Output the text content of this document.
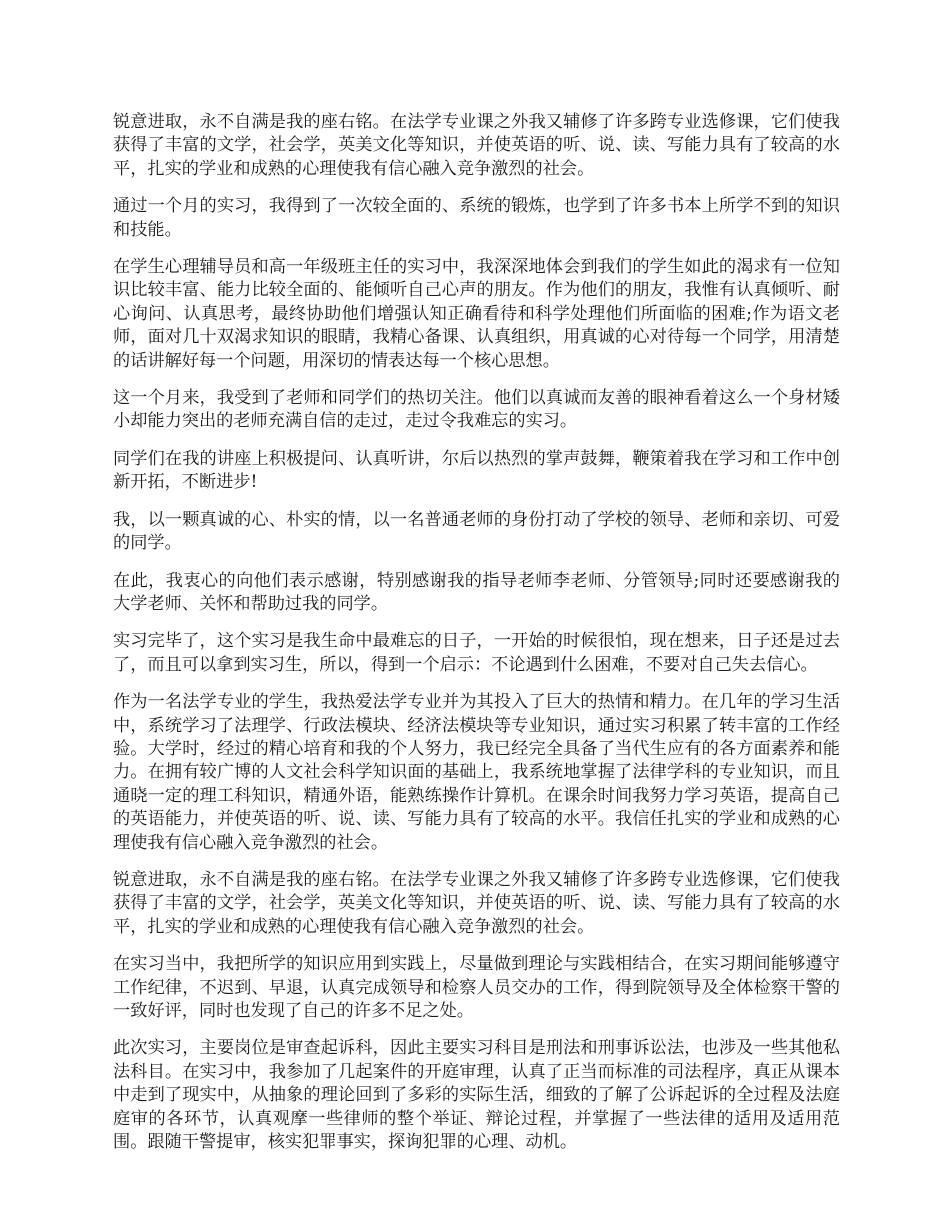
锐意进取，永不自满是我的座右铭。在法学专业课之外我又辅修了许多跨专业选修课，它们使我获得了丰富的文学，社会学，英美文化等知识，并使英语的听、说、读、写能力具有了较高的水平，扎实的学业和成熟的心理使我有信心融入竞争激烈的社会。

通过一个月的实习，我得到了一次较全面的、系统的锻炼，也学到了许多书本上所学不到的知识和技能。

在学生心理辅导员和高一年级班主任的实习中，我深深地体会到我们的学生如此的渴求有一位知识比较丰富、能力比较全面的、能倾听自己心声的朋友。作为他们的朋友，我惟有认真倾听、耐心询问、认真思考，最终协助他们增强认知正确看待和科学处理他们所面临的困难;作为语文老师，面对几十双渴求知识的眼睛，我精心备课、认真组织，用真诚的心对待每一个同学，用清楚的话讲解好每一个问题，用深切的情表达每一个核心思想。

这一个月来，我受到了老师和同学们的热切关注。他们以真诚而友善的眼神看着这么一个身材矮小却能力突出的老师充满自信的走过，走过令我难忘的实习。

同学们在我的讲座上积极提问、认真听讲，尔后以热烈的掌声鼓舞，鞭策着我在学习和工作中创新开拓，不断进步!

我，以一颗真诚的心、朴实的情，以一名普通老师的身份打动了学校的领导、老师和亲切、可爱的同学。

在此，我衷心的向他们表示感谢，特别感谢我的指导老师李老师、分管领导;同时还要感谢我的大学老师、关怀和帮助过我的同学。

实习完毕了，这个实习是我生命中最难忘的日子，一开始的时候很怕，现在想来，日子还是过去了，而且可以拿到实习生，所以，得到一个启示：不论遇到什么困难，不要对自己失去信心。

作为一名法学专业的学生，我热爱法学专业并为其投入了巨大的热情和精力。在几年的学习生活中，系统学习了法理学、行政法模块、经济法模块等专业知识，通过实习积累了转丰富的工作经验。大学时，经过的精心培育和我的个人努力，我已经完全具备了当代生应有的各方面素养和能力。在拥有较广博的人文社会科学知识面的基础上，我系统地掌握了法律学科的专业知识，而且通晓一定的理工科知识，精通外语，能熟练操作计算机。在课余时间我努力学习英语，提高自己的英语能力，并使英语的听、说、读、写能力具有了较高的水平。我信任扎实的学业和成熟的心理使我有信心融入竞争激烈的社会。

锐意进取，永不自满是我的座右铭。在法学专业课之外我又辅修了许多跨专业选修课，它们使我获得了丰富的文学，社会学，英美文化等知识，并使英语的听、说、读、写能力具有了较高的水平，扎实的学业和成熟的心理使我有信心融入竞争激烈的社会。

在实习当中，我把所学的知识应用到实践上，尽量做到理论与实践相结合，在实习期间能够遵守工作纪律，不迟到、早退，认真完成领导和检察人员交办的工作，得到院领导及全体检察干警的一致好评，同时也发现了自己的许多不足之处。

此次实习，主要岗位是审查起诉科，因此主要实习科目是刑法和刑事诉讼法，也涉及一些其他私法科目。在实习中，我参加了几起案件的开庭审理，认真了正当而标准的司法程序，真正从课本中走到了现实中，从抽象的理论回到了多彩的实际生活，细致的了解了公诉起诉的全过程及法庭庭审的各环节，认真观摩一些律师的整个举证、辩论过程，并掌握了一些法律的适用及适用范围。跟随干警提审，核实犯罪事实，探询犯罪的心理、动机。
